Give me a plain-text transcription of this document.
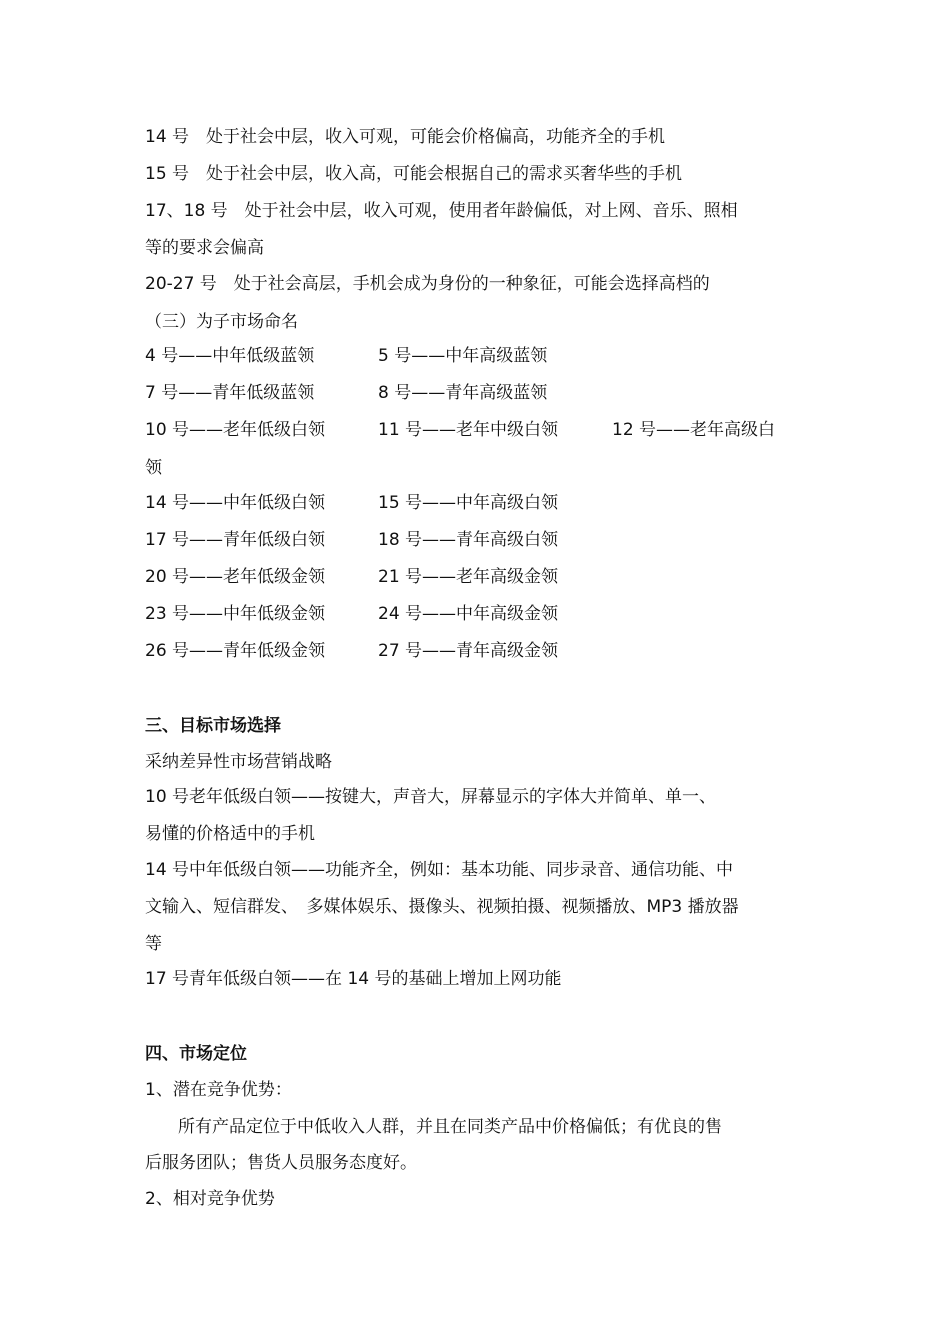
14 号　处于社会中层，收入可观，可能会价格偏高，功能齐全的手机
15 号　处于社会中层，收入高，可能会根据自己的需求买奢华些的手机
17、18 号　处于社会中层，收入可观，使用者年龄偏低，对上网、音乐、照相
等的要求会偏高
20-27 号　处于社会高层，手机会成为身份的一种象征，可能会选择高档的
（三）为子市场命名
4 号——中年低级蓝领	5 号——中年高级蓝领
7 号——青年低级蓝领	8 号——青年高级蓝领
10 号——老年低级白领	11 号——老年中级白领	12 号——老年高级白
领
14 号——中年低级白领	15 号——中年高级白领
17 号——青年低级白领	18 号——青年高级白领
20 号——老年低级金领	21 号——老年高级金领
23 号——中年低级金领	24 号——中年高级金领
26 号——青年低级金领	27 号——青年高级金领
三、目标市场选择
采纳差异性市场营销战略
10 号老年低级白领——按键大，声音大，屏幕显示的字体大并简单、单一、
易懂的价格适中的手机
14 号中年低级白领——功能齐全，例如：基本功能、同步录音、通信功能、中
文输入、短信群发、　多媒体娱乐、摄像头、视频拍摄、视频播放、MP3 播放器
等
17 号青年低级白领——在 14 号的基础上增加上网功能
四、市场定位
1、潜在竞争优势：
所有产品定位于中低收入人群，并且在同类产品中价格偏低；有优良的售
后服务团队；售货人员服务态度好。
2、相对竞争优势
